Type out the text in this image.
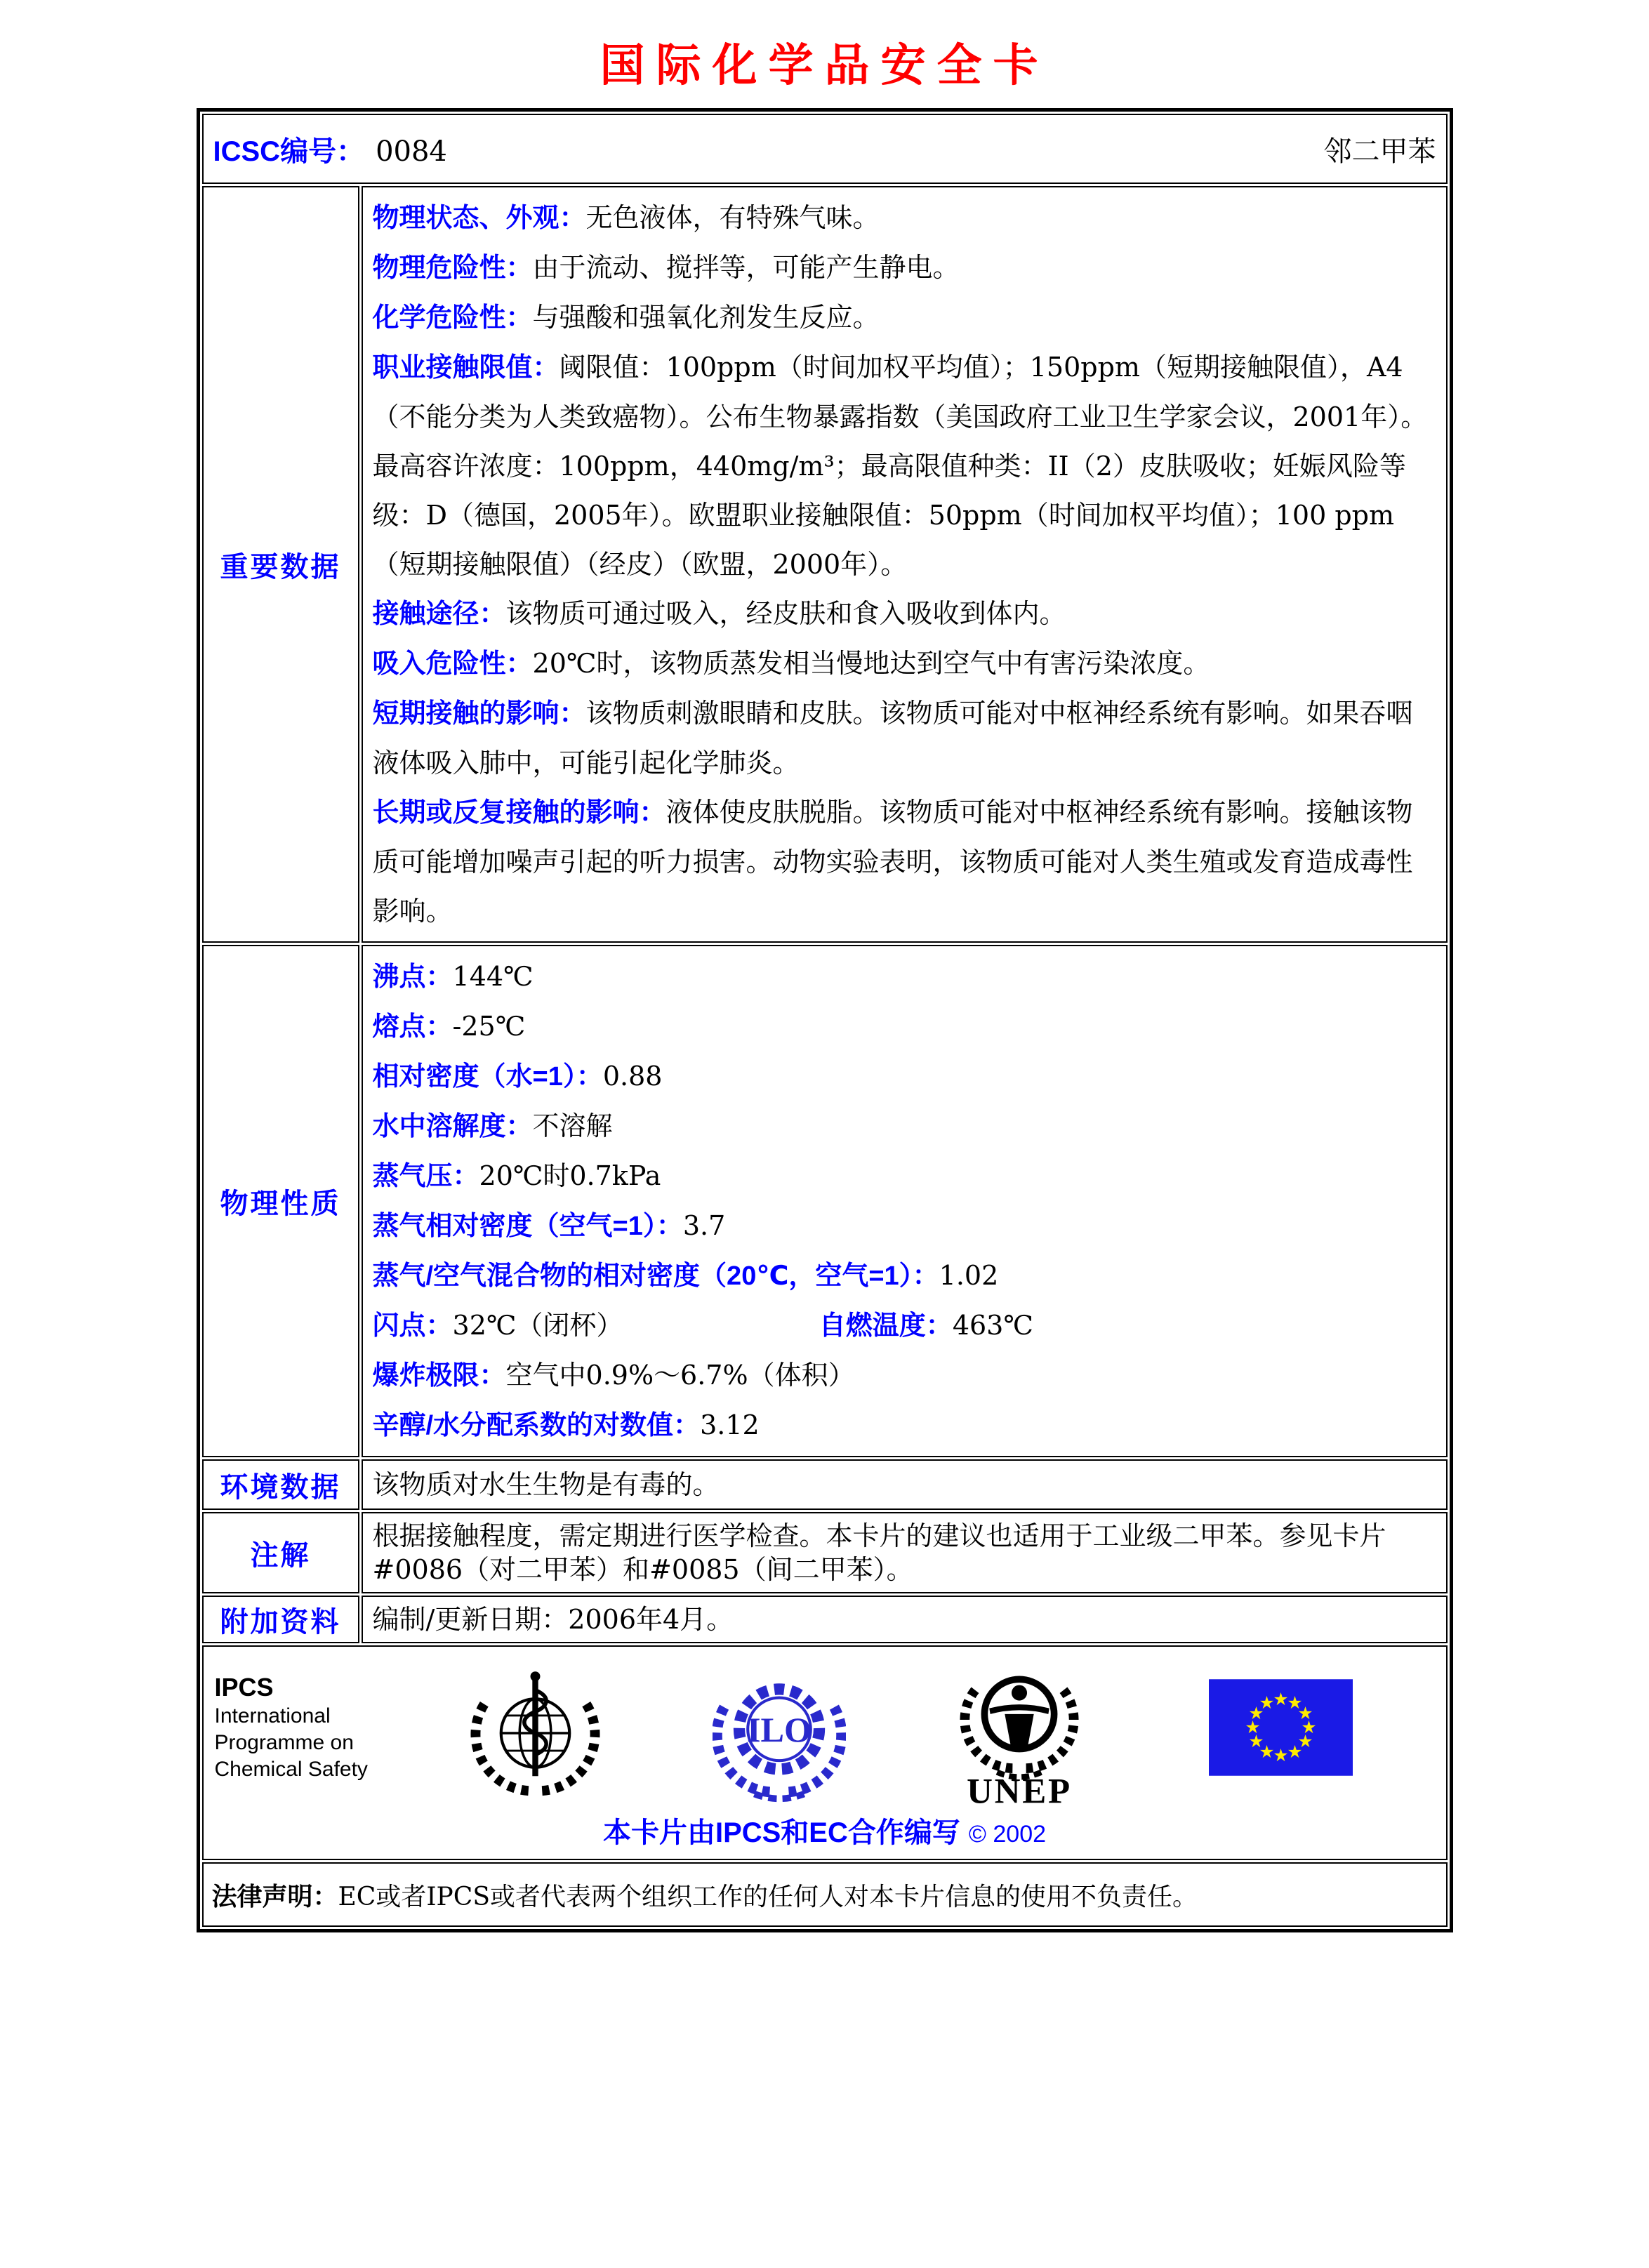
国际化学品安全卡
ICSC编号： 0084 邻二甲苯	

重要数据	
物理状态、外观：无色液体，有特殊气味。
物理危险性：由于流动、搅拌等，可能产生静电。
化学危险性：与强酸和强氧化剂发生反应。
职业接触限值：阈限值：100ppm（时间加权平均值）；150ppm（短期接触限值），A4（不能分类为人类致癌物）。公布生物暴露指数（美国政府工业卫生学家会议，2001年）。最高容许浓度：100ppm，440mg/m³；最高限值种类：II（2）皮肤吸收；妊娠风险等级：D（德国，2005年）。欧盟职业接触限值：50ppm（时间加权平均值）；100 ppm（短期接触限值）（经皮）（欧盟，2000年）。
接触途径：该物质可通过吸入，经皮肤和食入吸收到体内。
吸入危险性：20℃时，该物质蒸发相当慢地达到空气中有害污染浓度。
短期接触的影响：该物质刺激眼睛和皮肤。该物质可能对中枢神经系统有影响。如果吞咽液体吸入肺中，可能引起化学肺炎。
长期或反复接触的影响：液体使皮肤脱脂。该物质可能对中枢神经系统有影响。接触该物质可能增加噪声引起的听力损害。动物实验表明，该物质可能对人类生殖或发育造成毒性影响。

物理性质	
沸点：144℃
熔点：-25℃
相对密度（水=1）：0.88
水中溶解度：不溶解
蒸气压：20℃时0.7kPa
蒸气相对密度（空气=1）：3.7
蒸气/空气混合物的相对密度（20℃，空气=1）：1.02
闪点：32℃（闭杯）	自燃温度：463℃
爆炸极限：空气中0.9%～6.7%（体积）
辛醇/水分配系数的对数值：3.12

环境数据	该物质对水生生物是有毒的。
注解	根据接触程度，需定期进行医学检查。本卡片的建议也适用于工业级二甲苯。参见卡片#0086（对二甲苯）和#0085（间二甲苯）。
附加资料	编制/更新日期：2006年4月。

IPCS
International
Programme on
Chemical Safety
ILO
UNEP
本卡片由IPCS和EC合作编写 © 2002

法律声明：EC或者IPCS或者代表两个组织工作的任何人对本卡片信息的使用不负责任。	
